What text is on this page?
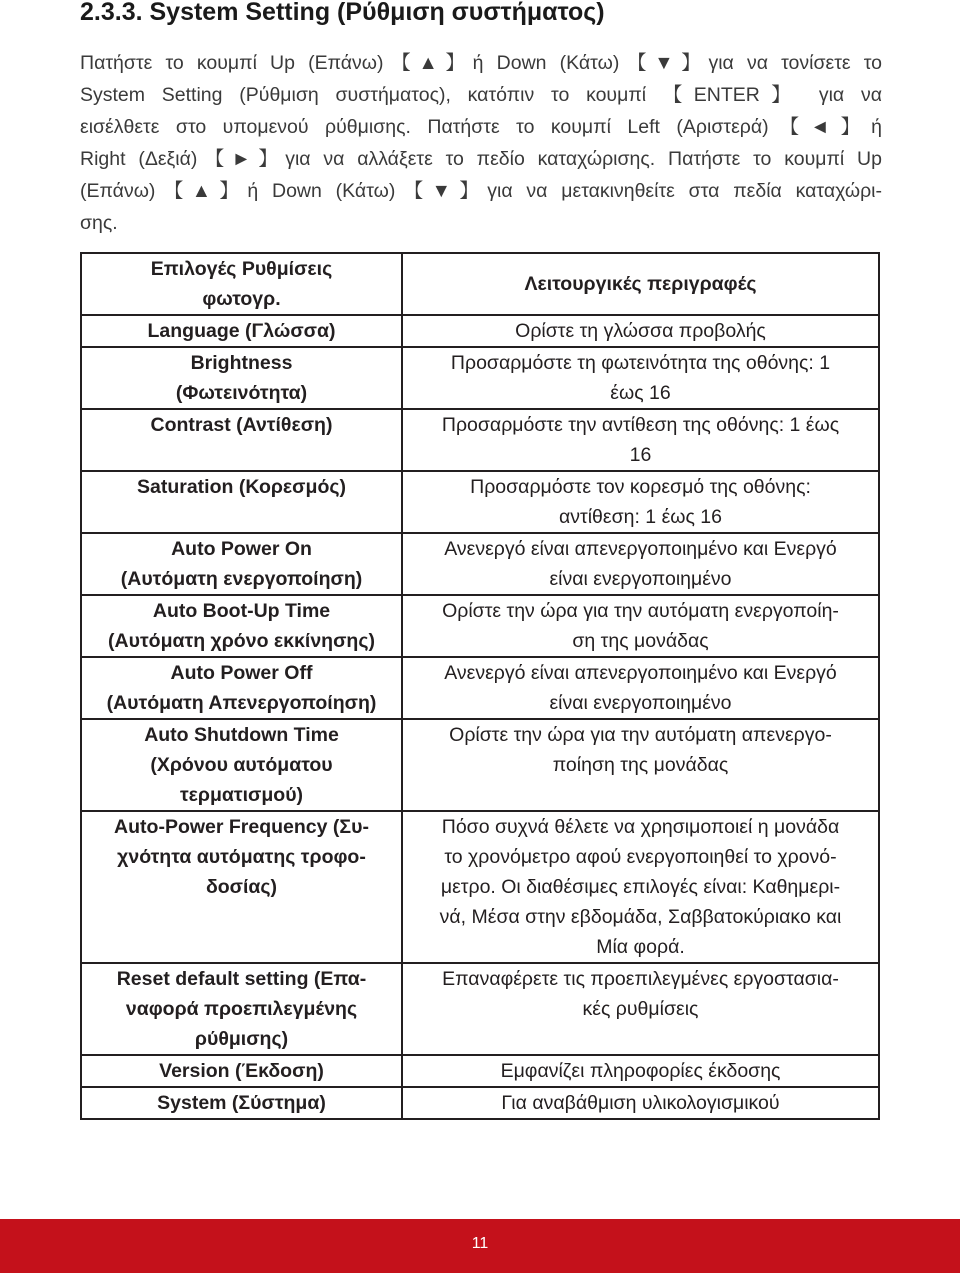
2.3.3. System Setting (Ρύθμιση συστήματος)
Πατήστε το κουμπί Up (Επάνω)【▲】ή Down (Κάτω)【▼】για να τονίσετε το
System Setting (Ρύθμιση συστήματος), κατόπιν το κουμπί 【ENTER】 για να
εισέλθετε στο υπομενού ρύθμισης. Πατήστε το κουμπί Left (Αριστερά)【◄】ή
Right (Δεξιά)【►】για να αλλάξετε το πεδίο καταχώρισης. Πατήστε το κουμπί Up
(Επάνω)【▲】ή Down (Κάτω)【▼】για να μετακινηθείτε στα πεδία καταχώρι-
σης.
Επιλογές Ρυθμίσεις
φωτογρ.	Λειτουργικές περιγραφές

Language (Γλώσσα)	Ορίστε τη γλώσσα προβολής

Brightness
(Φωτεινότητα)	Προσαρμόστε τη φωτεινότητα της οθόνης: 1
έως 16

Contrast (Αντίθεση)	Προσαρμόστε την αντίθεση της οθόνης: 1 έως
16

Saturation (Κορεσμός)	Προσαρμόστε τον κορεσμό της οθόνης:
αντίθεση: 1 έως 16

Auto Power On
(Αυτόματη ενεργοποίηση)	Ανενεργό είναι απενεργοποιημένο και Ενεργό
είναι ενεργοποιημένο

Auto Boot-Up Time
(Αυτόματη χρόνο εκκίνησης)	Ορίστε την ώρα για την αυτόματη ενεργοποίη-
ση της μονάδας

Auto Power Off
(Αυτόματη Απενεργοποίηση)	Ανενεργό είναι απενεργοποιημένο και Ενεργό
είναι ενεργοποιημένο

Auto Shutdown Time
(Χρόνου αυτόματου
τερματισμού)	Ορίστε την ώρα για την αυτόματη απενεργο-
ποίηση της μονάδας

Auto-Power Frequency (Συ-
χνότητα αυτόματης τροφο-
δοσίας)	Πόσο συχνά θέλετε να χρησιμοποιεί η μονάδα
το χρονόμετρο αφού ενεργοποιηθεί το χρονό-
μετρο. Οι διαθέσιμες επιλογές είναι: Καθημερι-
νά, Μέσα στην εβδομάδα, Σαββατοκύριακο και
Μία φορά.

Reset default setting (Επα-
ναφορά προεπιλεγμένης
ρύθμισης)	Επαναφέρετε τις προεπιλεγμένες εργοστασια-
κές ρυθμίσεις

Version (Έκδοση)	Εμφανίζει πληροφορίες έκδοσης

System (Σύστημα)	Για αναβάθμιση υλικολογισμικού
11
